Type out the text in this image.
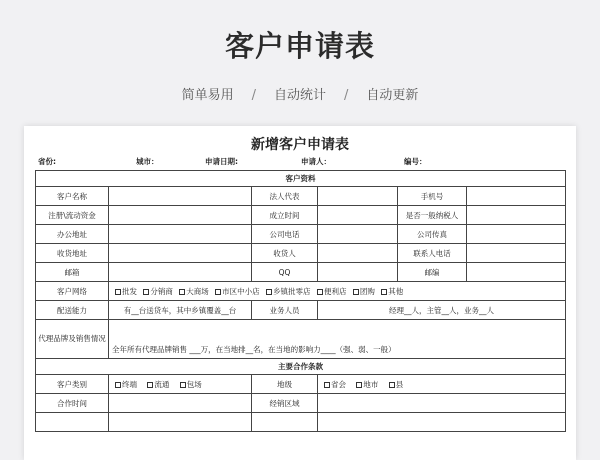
客户申请表
简单易用 / 自动统计 / 自动更新
新增客户申请表
省份:	城市：	申请日期:	申请人：	编号：
客户资料					
客户名称		法人代表		手机号	
注册\流动资金		成立时间		是否一般纳税人	
办公地址		公司电话		公司传真	
收货地址		收货人		联系人电话	
邮箱		QQ		邮编	
客户网络	批发 分销商 大商场 市区中小店 乡镇批零店 便利店 团购 其他				
配送能力	有__台送货车，其中乡镇覆盖__台	业务人员	经理__人，主管__人，业务__人		
代理品牌及销售情况	全年所有代理品牌销售 ___万，在当地排__名，在当地的影响力____（强、弱、一般）				
主要合作条款					
客户类别	终端 流通 包场	地级	省会 地市 县		
合作时间		经销区域			
